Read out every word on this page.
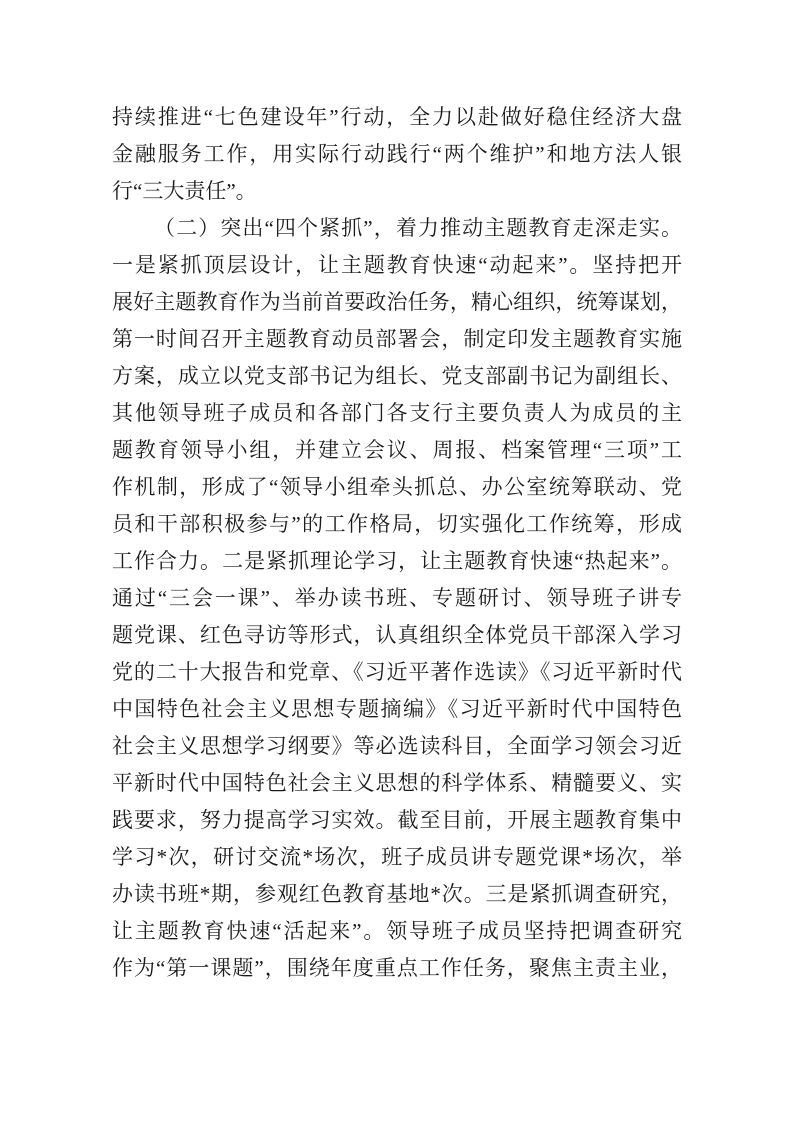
持续推进“七色建设年”行动，全力以赴做好稳住经济大盘
金融服务工作，用实际行动践行“两个维护”和地方法人银
行“三大责任”。
（二）突出“四个紧抓”，着力推动主题教育走深走实。
一是紧抓顶层设计，让主题教育快速“动起来”。坚持把开
展好主题教育作为当前首要政治任务，精心组织，统筹谋划，
第一时间召开主题教育动员部署会，制定印发主题教育实施
方案，成立以党支部书记为组长、党支部副书记为副组长、
其他领导班子成员和各部门各支行主要负责人为成员的主
题教育领导小组，并建立会议、周报、档案管理“三项”工
作机制，形成了“领导小组牵头抓总、办公室统筹联动、党
员和干部积极参与”的工作格局，切实强化工作统筹，形成
工作合力。二是紧抓理论学习，让主题教育快速“热起来”。
通过“三会一课”、举办读书班、专题研讨、领导班子讲专
题党课、红色寻访等形式，认真组织全体党员干部深入学习
党的二十大报告和党章、《习近平著作选读》《习近平新时代
中国特色社会主义思想专题摘编》《习近平新时代中国特色
社会主义思想学习纲要》等必选读科目，全面学习领会习近
平新时代中国特色社会主义思想的科学体系、精髓要义、实
践要求，努力提高学习实效。截至目前，开展主题教育集中
学习*次，研讨交流*场次，班子成员讲专题党课*场次，举
办读书班*期，参观红色教育基地*次。三是紧抓调查研究，
让主题教育快速“活起来”。领导班子成员坚持把调查研究
作为“第一课题”，围绕年度重点工作任务，聚焦主责主业，
